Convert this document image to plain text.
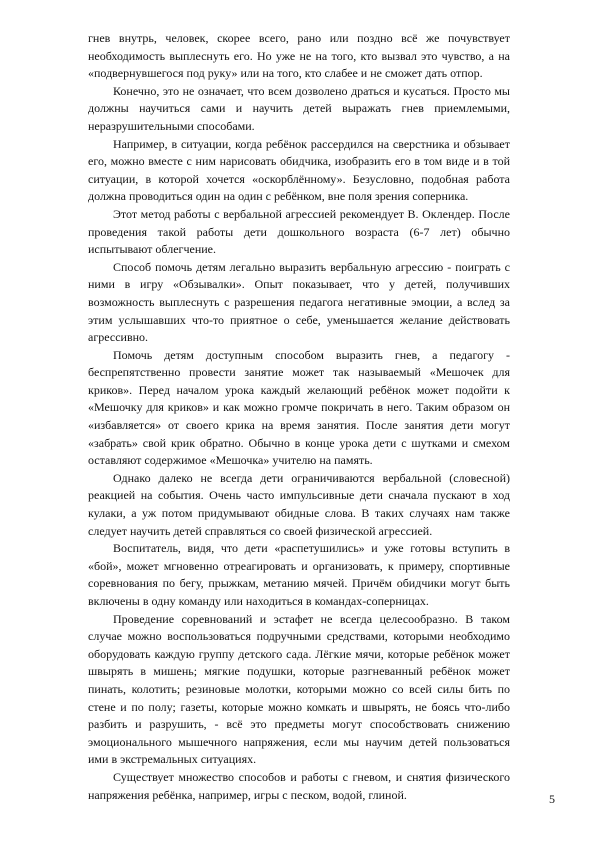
гнев внутрь, человек, скорее всего, рано или поздно всё же почувствует необходимость выплеснуть его. Но уже не на того, кто вызвал это чувство, а на «подвернувшегося под руку» или на того, кто слабее и не сможет дать отпор.

Конечно, это не означает, что всем дозволено драться и кусаться. Просто мы должны научиться сами и научить детей выражать гнев приемлемыми, неразрушительными способами.

Например, в ситуации, когда ребёнок рассердился на сверстника и обзывает его, можно вместе с ним нарисовать обидчика, изобразить его в том виде и в той ситуации, в которой хочется «оскорблённому». Безусловно, подобная работа должна проводиться один на один с ребёнком, вне поля зрения соперника.

Этот метод работы с вербальной агрессией рекомендует В. Оклендер. После проведения такой работы дети дошкольного возраста (6-7 лет) обычно испытывают облегчение.

Способ помочь детям легально выразить вербальную агрессию - поиграть с ними в игру «Обзывалки». Опыт показывает, что у детей, получивших возможность выплеснуть с разрешения педагога негативные эмоции, а вслед за этим услышавших что-то приятное о себе, уменьшается желание действовать агрессивно.

Помочь детям доступным способом выразить гнев, а педагогу - беспрепятственно провести занятие может так называемый «Мешочек для криков». Перед началом урока каждый желающий ребёнок может подойти к «Мешочку для криков» и как можно громче покричать в него. Таким образом он «избавляется» от своего крика на время занятия. После занятия дети могут «забрать» свой крик обратно. Обычно в конце урока дети с шутками и смехом оставляют содержимое «Мешочка» учителю на память.

Однако далеко не всегда дети ограничиваются вербальной (словесной) реакцией на события. Очень часто импульсивные дети сначала пускают в ход кулаки, а уж потом придумывают обидные слова. В таких случаях нам также следует научить детей справляться со своей физической агрессией.

Воспитатель, видя, что дети «распетушились» и уже готовы вступить в «бой», может мгновенно отреагировать и организовать, к примеру, спортивные соревнования по бегу, прыжкам, метанию мячей. Причём обидчики могут быть включены в одну команду или находиться в командах-соперницах.

Проведение соревнований и эстафет не всегда целесообразно. В таком случае можно воспользоваться подручными средствами, которыми необходимо оборудовать каждую группу детского сада. Лёгкие мячи, которые ребёнок может швырять в мишень; мягкие подушки, которые разгневанный ребёнок может пинать, колотить; резиновые молотки, которыми можно со всей силы бить по стене и по полу; газеты, которые можно комкать и швырять, не боясь что-либо разбить и разрушить, - всё это предметы могут способствовать снижению эмоционального мышечного напряжения, если мы научим детей пользоваться ими в экстремальных ситуациях.

Существует множество способов и работы с гневом, и снятия физического напряжения ребёнка, например, игры с песком, водой, глиной.	5
